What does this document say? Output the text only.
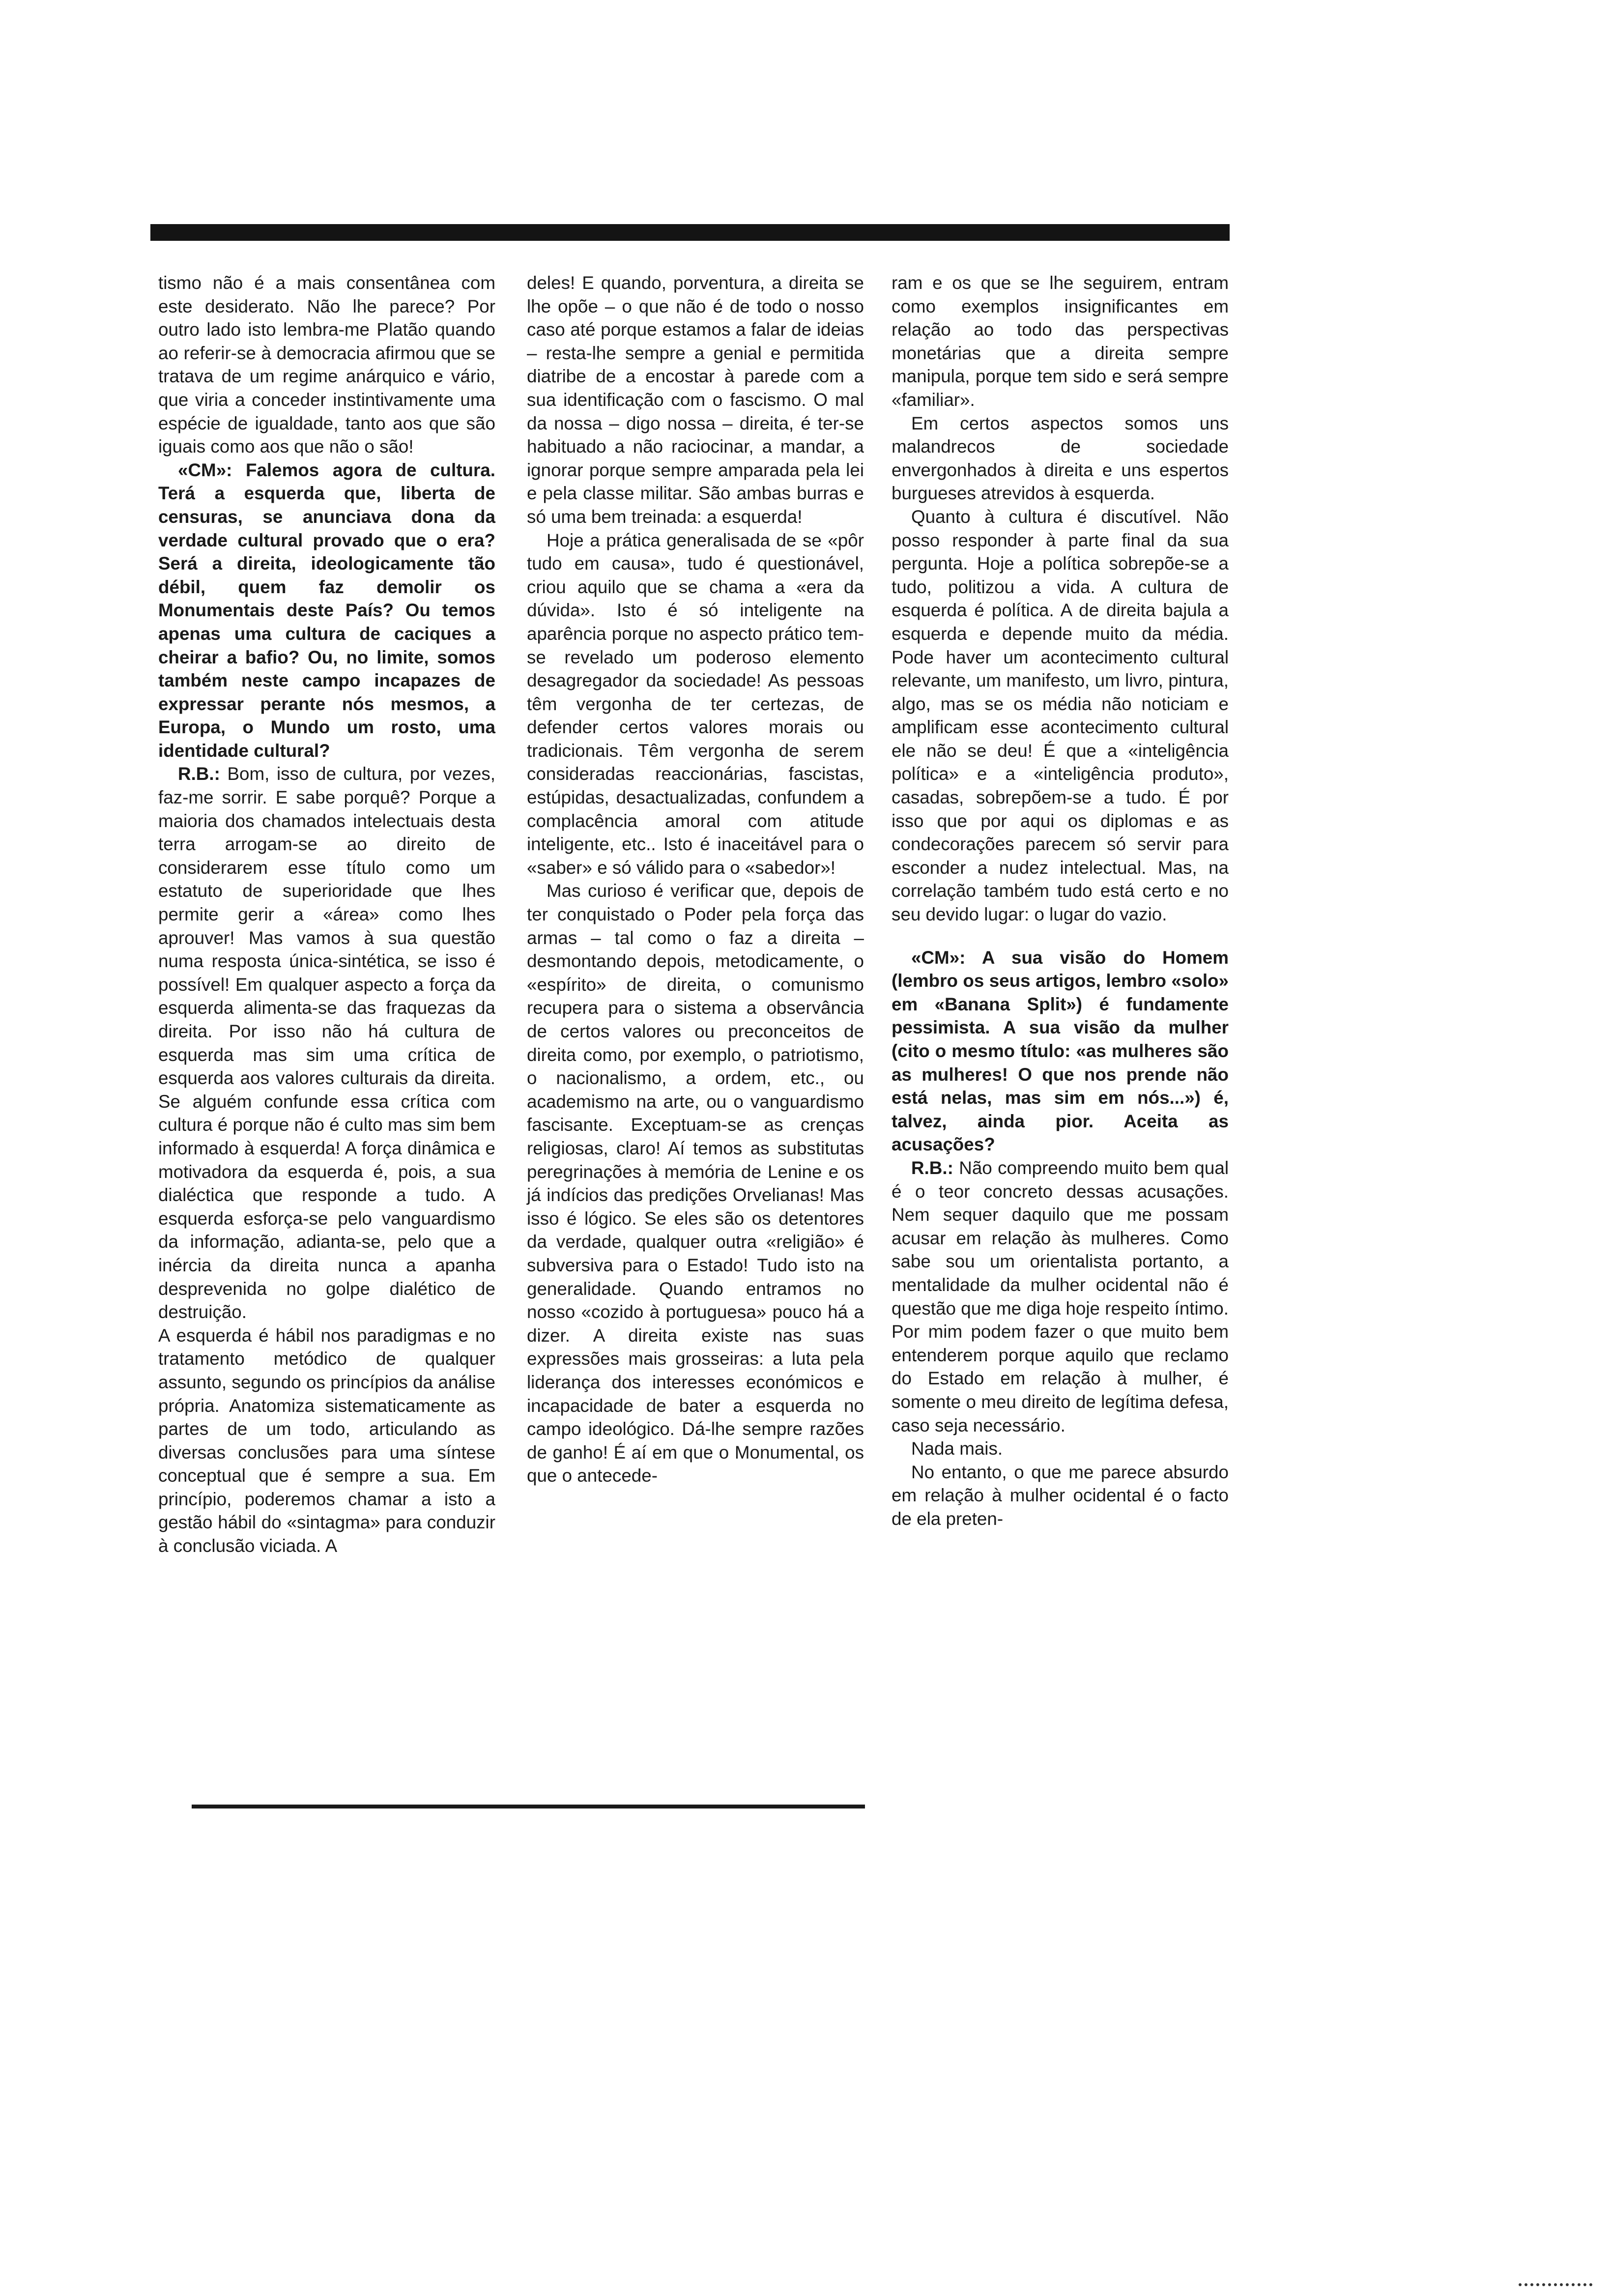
tismo não é a mais consentânea com este desiderato. Não lhe parece? Por outro lado isto lembra-me Platão quando ao referir-se à democracia afirmou que se tratava de um regime anárquico e vário, que viria a conceder instintivamente uma espécie de igualdade, tanto aos que são iguais como aos que não o são!

«CM»: Falemos agora de cultura. Terá a esquerda que, liberta de censuras, se anunciava dona da verdade cultural provado que o era? Será a direita, ideologicamente tão débil, quem faz demolir os Monumentais deste País? Ou temos apenas uma cultura de caciques a cheirar a bafio? Ou, no limite, somos também neste campo incapazes de expressar perante nós mesmos, a Europa, o Mundo um rosto, uma identidade cultural?

R.B.: Bom, isso de cultura, por vezes, faz-me sorrir. E sabe porquê? Porque a maioria dos chamados intelectuais desta terra arrogam-se ao direito de considerarem esse título como um estatuto de superioridade que lhes permite gerir a «área» como lhes aprouver! Mas vamos à sua questão numa resposta única-sintética, se isso é possível! Em qualquer aspecto a força da esquerda alimenta-se das fraquezas da direita. Por isso não há cultura de esquerda mas sim uma crítica de esquerda aos valores culturais da direita. Se alguém confunde essa crítica com cultura é porque não é culto mas sim bem informado à esquerda! A força dinâmica e motivadora da esquerda é, pois, a sua dialéctica que responde a tudo. A esquerda esforça-se pelo vanguardismo da informação, adianta-se, pelo que a inércia da direita nunca a apanha desprevenida no golpe dialético de destruição.

A esquerda é hábil nos paradigmas e no tratamento metódico de qualquer assunto, segundo os princípios da análise própria. Anatomiza sistematicamente as partes de um todo, articulando as diversas conclusões para uma síntese conceptual que é sempre a sua. Em princípio, poderemos chamar a isto a gestão hábil do «sintagma» para conduzir à conclusão viciada. A

deles! E quando, porventura, a direita se lhe opõe – o que não é de todo o nosso caso até porque estamos a falar de ideias – resta-lhe sempre a genial e permitida diatribe de a encostar à parede com a sua identificação com o fascismo. O mal da nossa – digo nossa – direita, é ter-se habituado a não raciocinar, a mandar, a ignorar porque sempre amparada pela lei e pela classe militar. São ambas burras e só uma bem treinada: a esquerda!

Hoje a prática generalisada de se «pôr tudo em causa», tudo é questionável, criou aquilo que se chama a «era da dúvida». Isto é só inteligente na aparência porque no aspecto prático tem-se revelado um poderoso elemento desagregador da sociedade! As pessoas têm vergonha de ter certezas, de defender certos valores morais ou tradicionais. Têm vergonha de serem consideradas reaccionárias, fascistas, estúpidas, desactualizadas, confundem a complacência amoral com atitude inteligente, etc.. Isto é inaceitável para o «saber» e só válido para o «sabedor»!

Mas curioso é verificar que, depois de ter conquistado o Poder pela força das armas – tal como o faz a direita – desmontando depois, metodicamente, o «espírito» de direita, o comunismo recupera para o sistema a observância de certos valores ou preconceitos de direita como, por exemplo, o patriotismo, o nacionalismo, a ordem, etc., ou academismo na arte, ou o vanguardismo fascisante. Exceptuam-se as crenças religiosas, claro! Aí temos as substitutas peregrinações à memória de Lenine e os já indícios das predições Orvelianas! Mas isso é lógico. Se eles são os detentores da verdade, qualquer outra «religião» é subversiva para o Estado! Tudo isto na generalidade. Quando entramos no nosso «cozido à portuguesa» pouco há a dizer. A direita existe nas suas expressões mais grosseiras: a luta pela liderança dos interesses económicos e incapacidade de bater a esquerda no campo ideológico. Dá-lhe sempre razões de ganho! É aí em que o Monumental, os que o antecede-

ram e os que se lhe seguirem, entram como exemplos insignificantes em relação ao todo das perspectivas monetárias que a direita sempre manipula, porque tem sido e será sempre «familiar».

Em certos aspectos somos uns malandrecos de sociedade envergonhados à direita e uns espertos burgueses atrevidos à esquerda.

Quanto à cultura é discutível. Não posso responder à parte final da sua pergunta. Hoje a política sobrepõe-se a tudo, politizou a vida. A cultura de esquerda é política. A de direita bajula a esquerda e depende muito da média. Pode haver um acontecimento cultural relevante, um manifesto, um livro, pintura, algo, mas se os média não noticiam e amplificam esse acontecimento cultural ele não se deu! É que a «inteligência política» e a «inteligência produto», casadas, sobrepõem-se a tudo. É por isso que por aqui os diplomas e as condecorações parecem só servir para esconder a nudez intelectual. Mas, na correlação também tudo está certo e no seu devido lugar: o lugar do vazio.

«CM»: A sua visão do Homem (lembro os seus artigos, lembro «solo» em «Banana Split») é fundamente pessimista. A sua visão da mulher (cito o mesmo título: «as mulheres são as mulheres! O que nos prende não está nelas, mas sim em nós...») é, talvez, ainda pior. Aceita as acusações?

R.B.: Não compreendo muito bem qual é o teor concreto dessas acusações. Nem sequer daquilo que me possam acusar em relação às mulheres. Como sabe sou um orientalista portanto, a mentalidade da mulher ocidental não é questão que me diga hoje respeito íntimo. Por mim podem fazer o que muito bem entenderem porque aquilo que reclamo do Estado em relação à mulher, é somente o meu direito de legítima defesa, caso seja necessário.

Nada mais.

No entanto, o que me parece absurdo em relação à mulher ocidental é o facto de ela preten-
